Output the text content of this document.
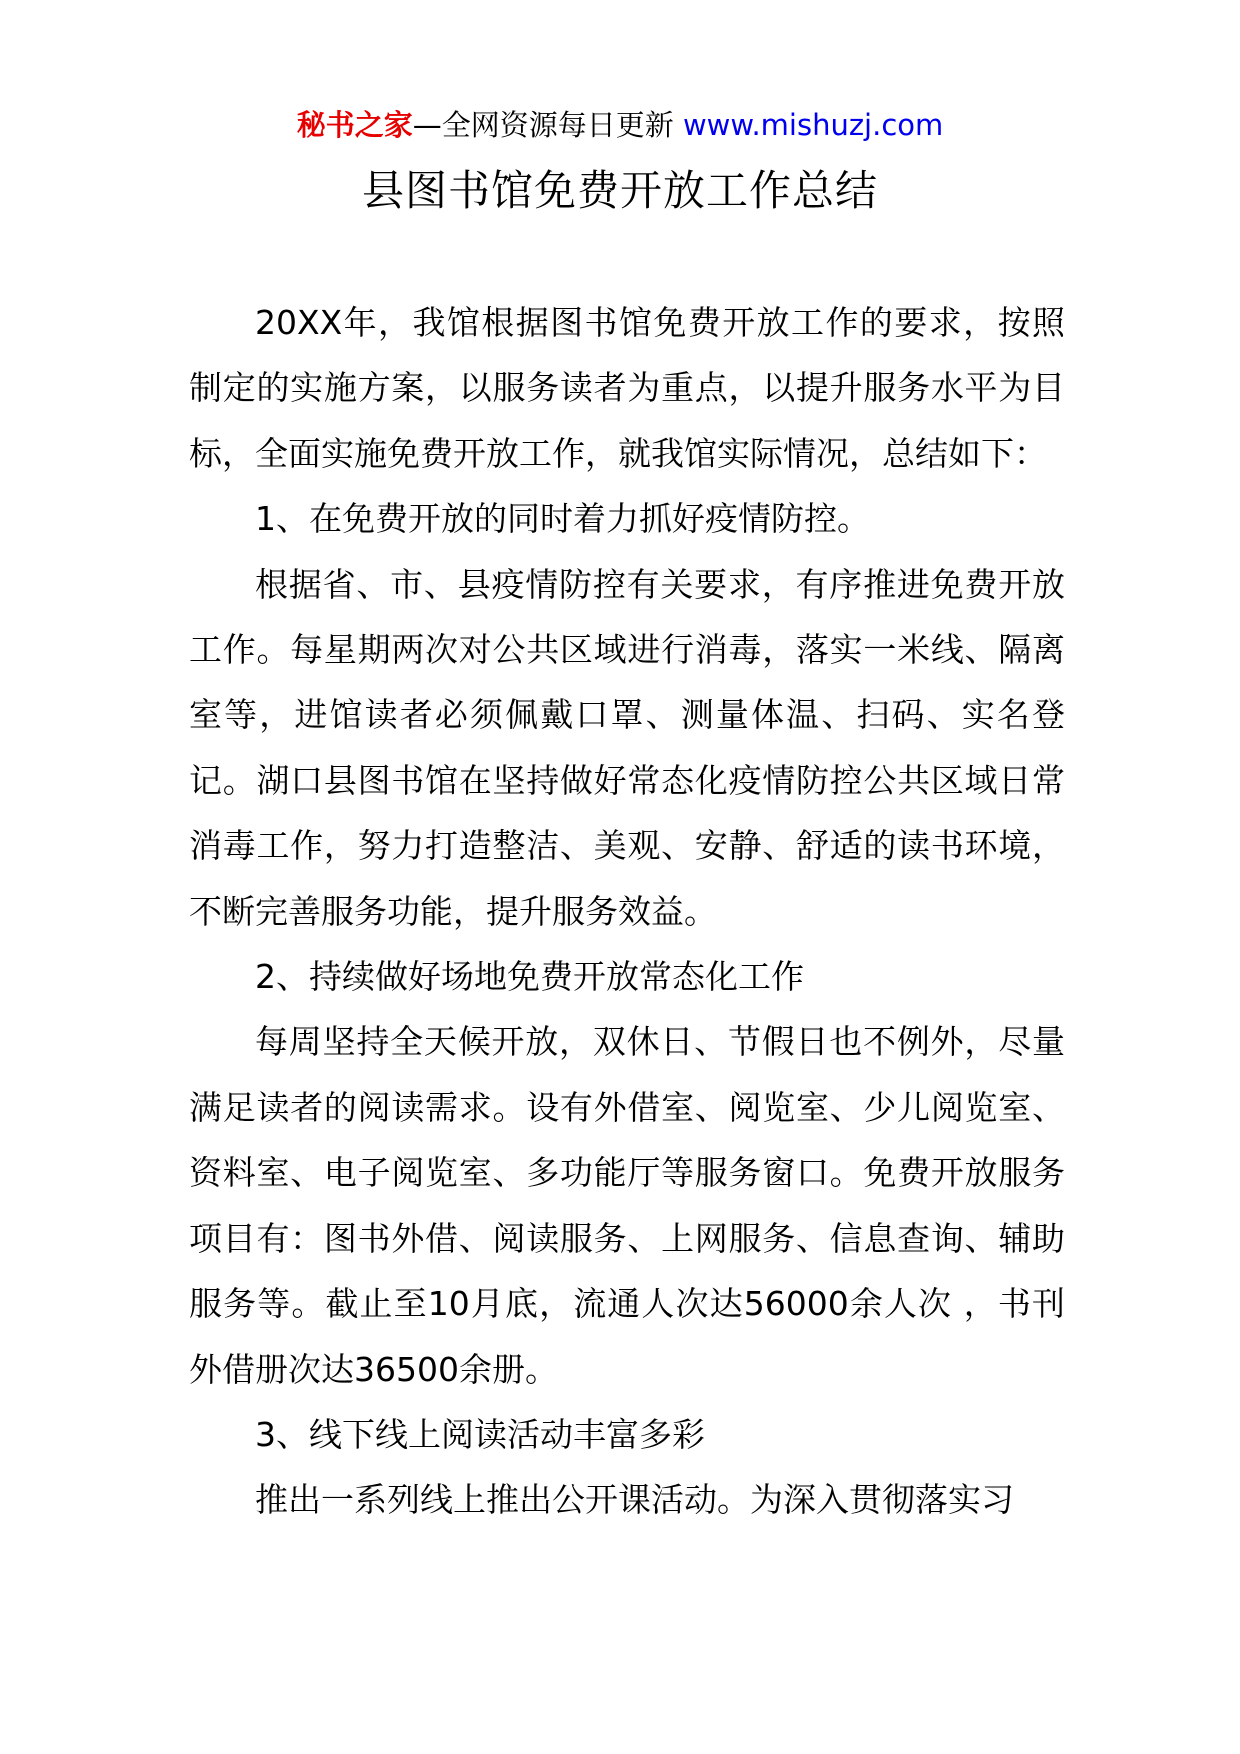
秘书之家—全网资源每日更新 www.mishuzj.com
县图书馆免费开放工作总结

20XX年，我馆根据图书馆免费开放工作的要求，按照制定的实施方案，以服务读者为重点，以提升服务水平为目标，全面实施免费开放工作，就我馆实际情况，总结如下：

1、在免费开放的同时着力抓好疫情防控。

根据省、市、县疫情防控有关要求，有序推进免费开放工作。每星期两次对公共区域进行消毒，落实一米线、隔离室等，进馆读者必须佩戴口罩、测量体温、扫码、实名登记。湖口县图书馆在坚持做好常态化疫情防控公共区域日常消毒工作，努力打造整洁、美观、安静、舒适的读书环境，不断完善服务功能，提升服务效益。

2、持续做好场地免费开放常态化工作

每周坚持全天候开放，双休日、节假日也不例外，尽量满足读者的阅读需求。设有外借室、阅览室、少儿阅览室、资料室、电子阅览室、多功能厅等服务窗口。免费开放服务项目有：图书外借、阅读服务、上网服务、信息查询、辅助服务等。截止至10月底，流通人次达56000余人次 ，书刊外借册次达36500余册。

3、线下线上阅读活动丰富多彩

推出一系列线上推出公开课活动。为深入贯彻落实习
